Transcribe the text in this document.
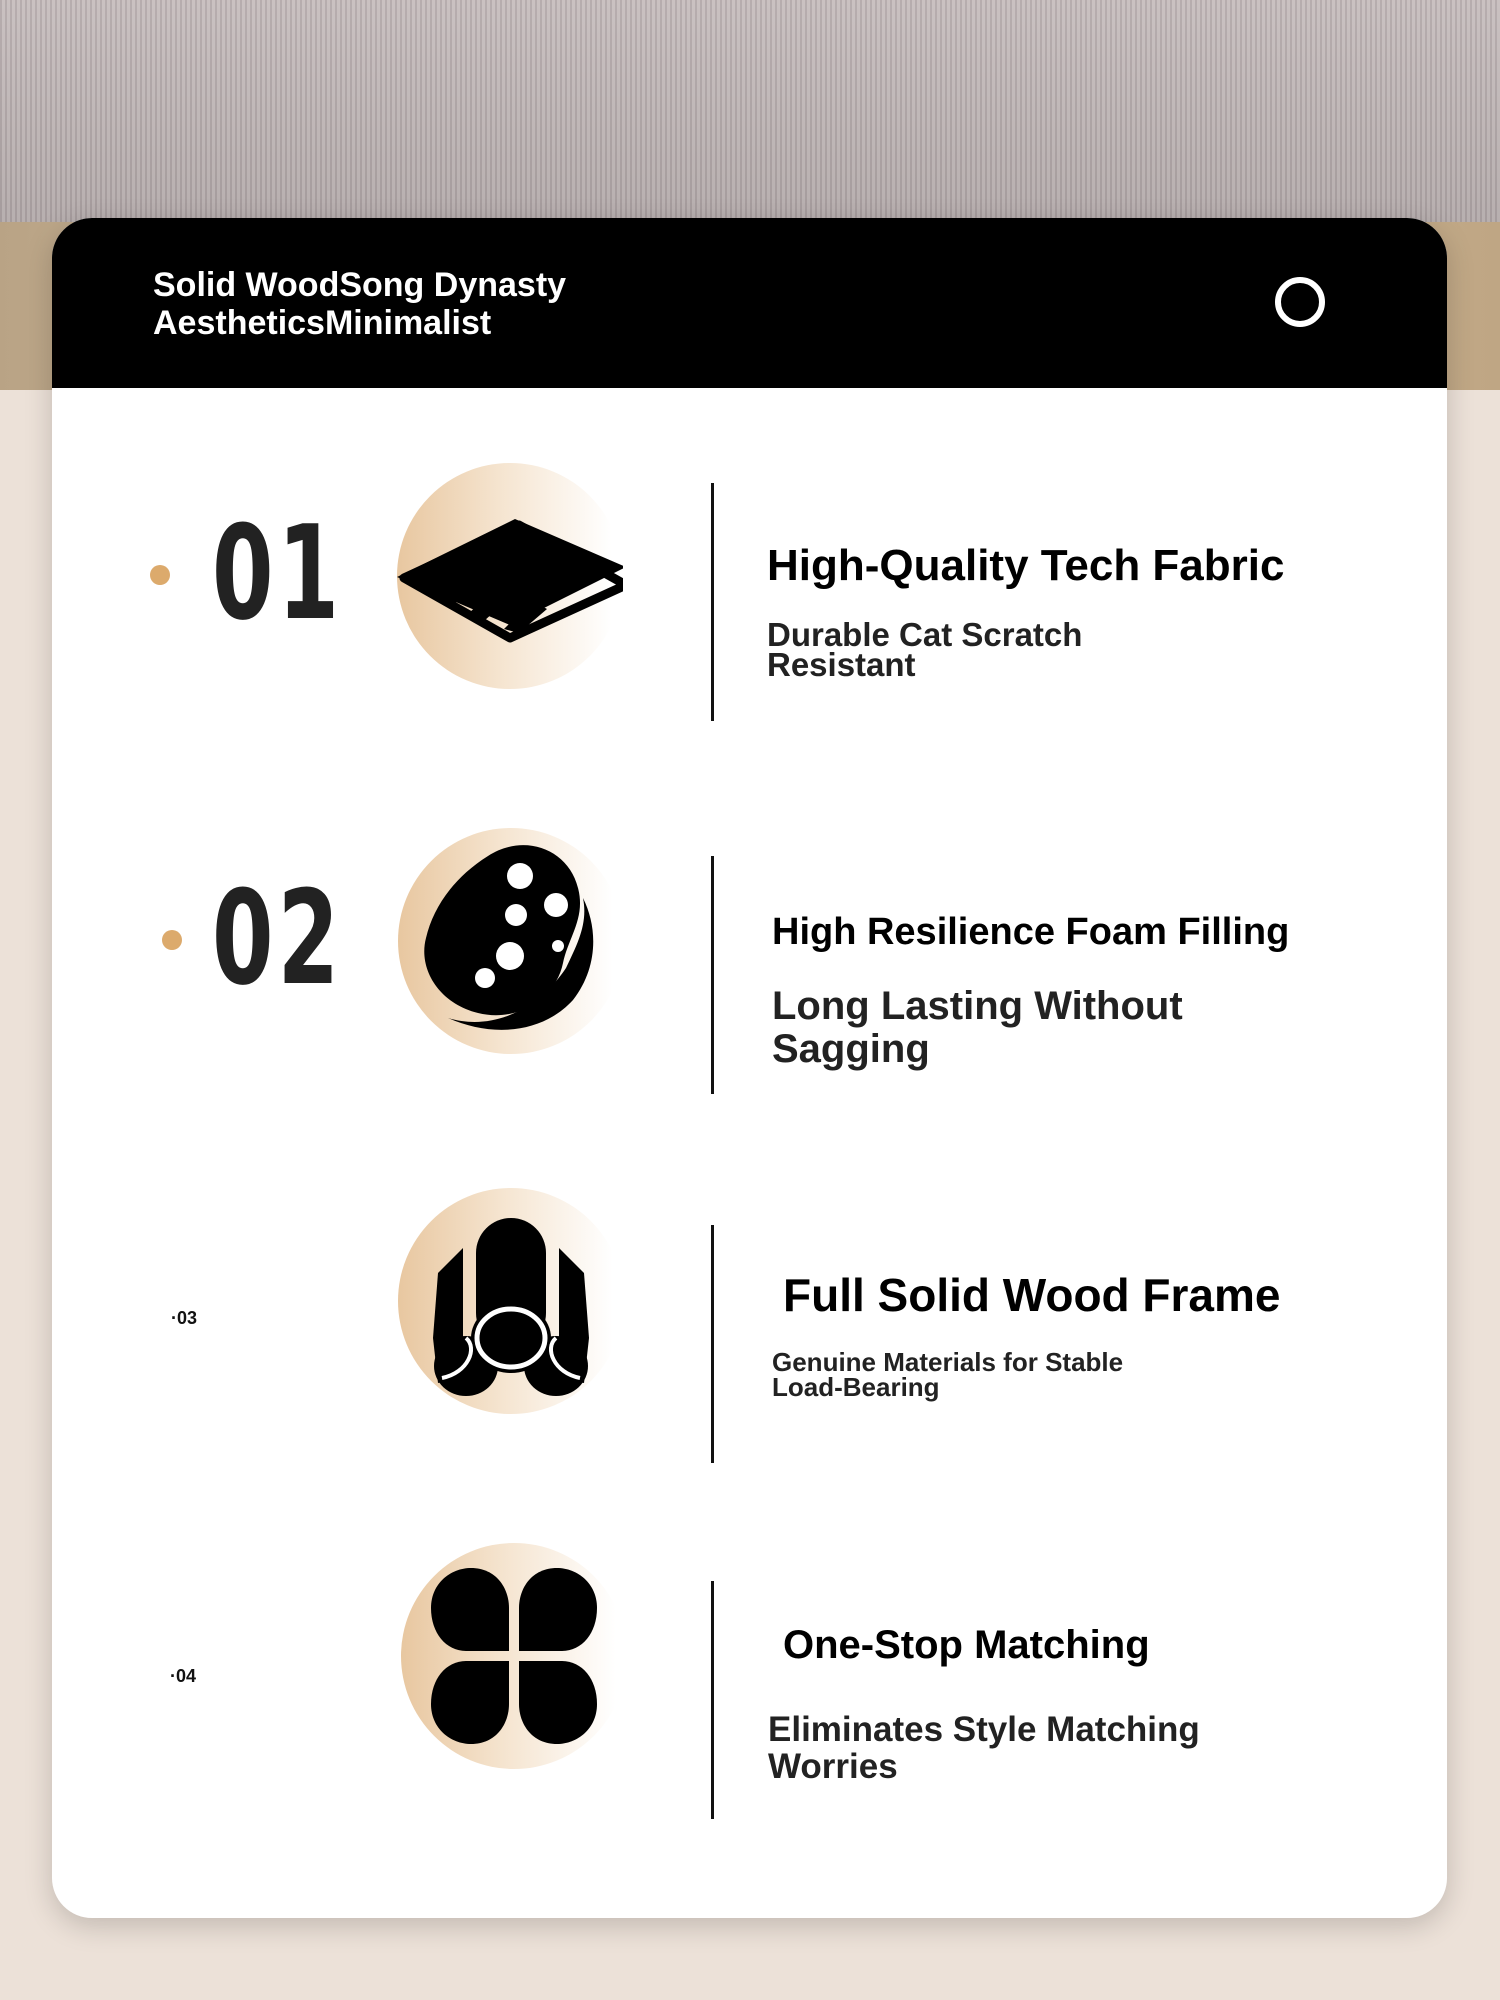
Solid WoodSong Dynasty
AestheticsMinimalist
01	High-Quality Tech Fabric
Durable Cat Scratch Resistant
02	High Resilience Foam Filling
Long Lasting Without Sagging
·03	Full Solid Wood Frame
Genuine Materials for Stable Load-Bearing
·04
One-Stop Matching
Eliminates Style Matching Worries
